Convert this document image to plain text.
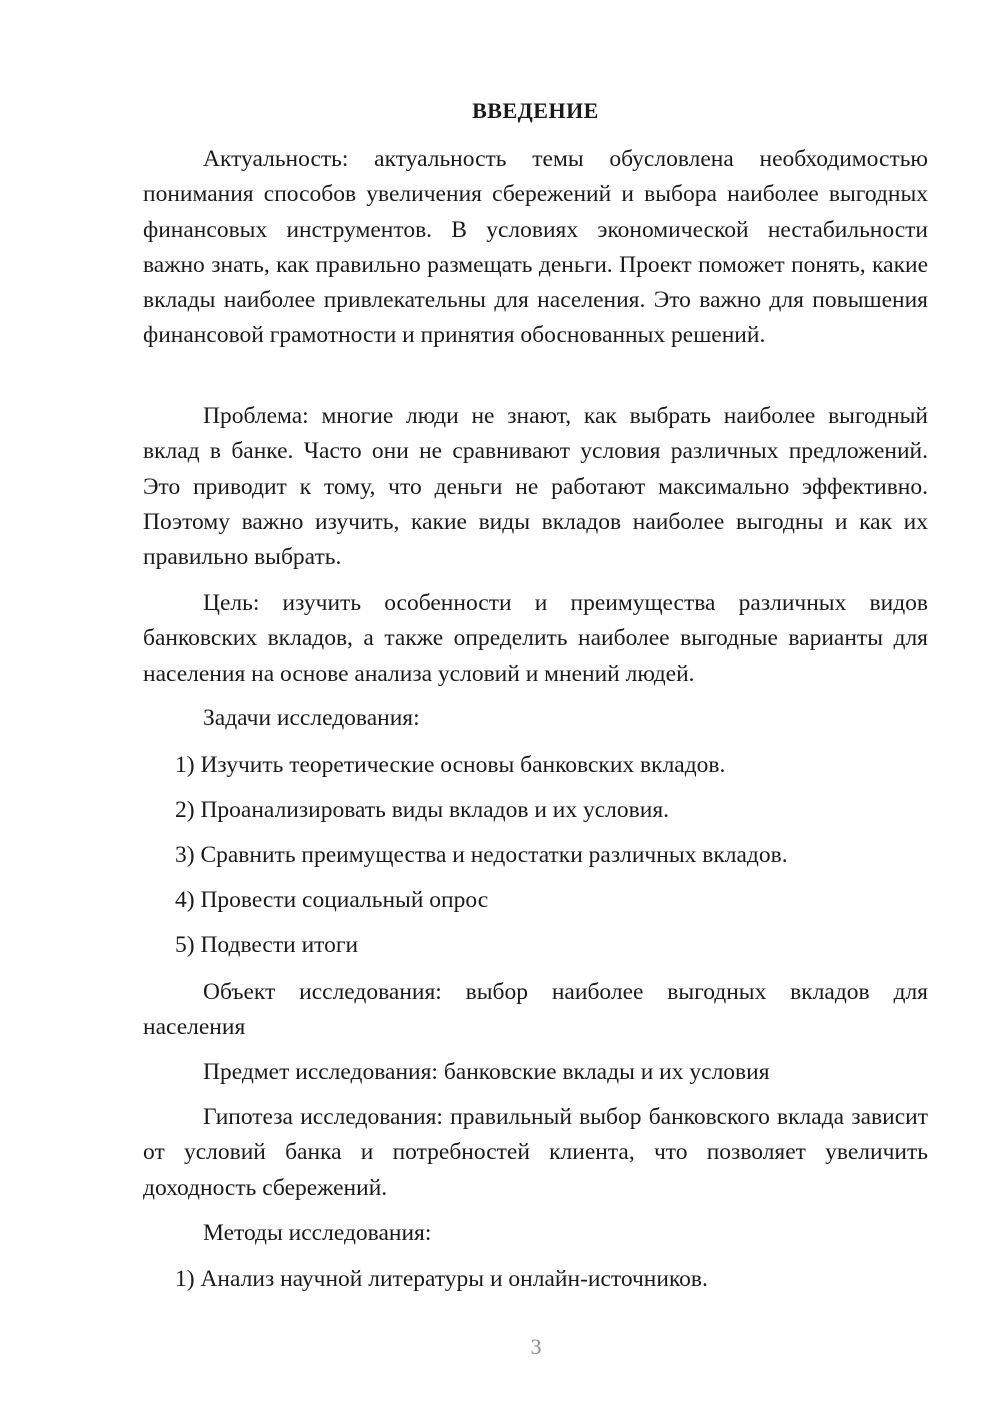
ВВЕДЕНИЕ

Актуальность: актуальность темы обусловлена необходимостью понимания способов увеличения сбережений и выбора наиболее выгодных финансовых инструментов. В условиях экономической нестабильности важно знать, как правильно размещать деньги. Проект поможет понять, какие вклады наиболее привлекательны для населения. Это важно для повышения финансовой грамотности и принятия обоснованных решений.

Проблема: многие люди не знают, как выбрать наиболее выгодный вклад в банке. Часто они не сравнивают условия различных предложений. Это приводит к тому, что деньги не работают максимально эффективно. Поэтому важно изучить, какие виды вкладов наиболее выгодны и как их правильно выбрать.

Цель: изучить особенности и преимущества различных видов банковских вкладов, а также определить наиболее выгодные варианты для населения на основе анализа условий и мнений людей.

Задачи исследования:

1) Изучить теоретические основы банковских вкладов.

2) Проанализировать виды вкладов и их условия.

3) Сравнить преимущества и недостатки различных вкладов.

4) Провести социальный опрос

5) Подвести итоги

Объект исследования: выбор наиболее выгодных вкладов для населения

Предмет исследования: банковские вклады и их условия

Гипотеза исследования: правильный выбор банковского вклада зависит от условий банка и потребностей клиента, что позволяет увеличить доходность сбережений.

Методы исследования:

1) Анализ научной литературы и онлайн-источников.

3
